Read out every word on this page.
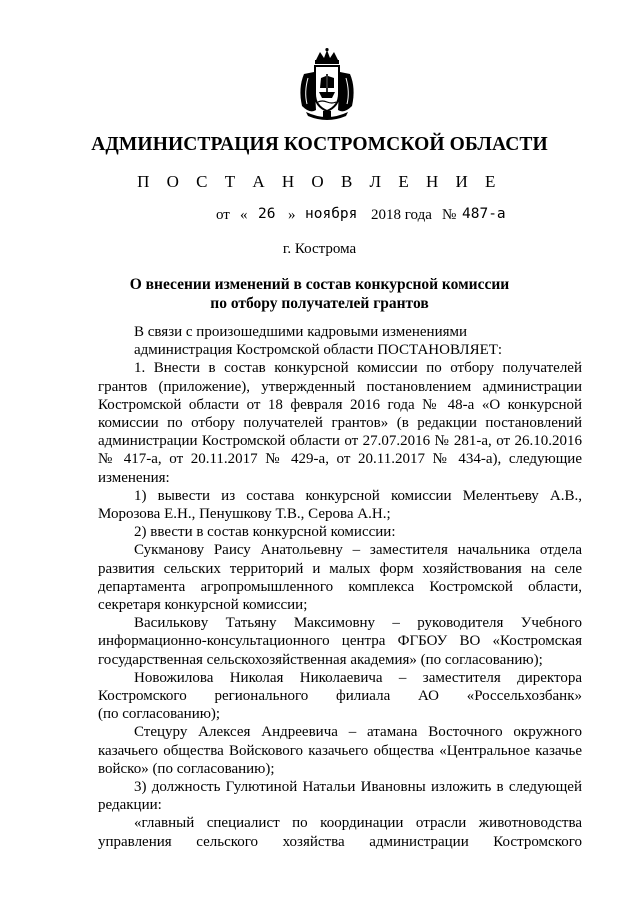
АДМИНИСТРАЦИЯ КОСТРОМСКОЙ ОБЛАСТИ
П О С Т А Н О В Л Е Н И Е
от « 26 » ноября 2018 года № 487-а
г. Кострома
О внесении изменений в состав конкурсной комиссии
по отбору получателей грантов

В связи с произошедшими кадровыми изменениями

администрация Костромской области ПОСТАНОВЛЯЕТ:

1. Внести в состав конкурсной комиссии по отбору получателей

грантов (приложение), утвержденный постановлением администрации

Костромской области от 18 февраля 2016 года № 48-а «О конкурсной

комиссии по отбору получателей грантов» (в редакции постановлений

администрации Костромской области от 27.07.2016 № 281-а, от 26.10.2016

№ 417-а, от 20.11.2017 № 429-а, от 20.11.2017 № 434-а), следующие

изменения:

1) вывести из состава конкурсной комиссии Мелентьеву А.В.,

Морозова Е.Н., Пенушкову Т.В., Серова А.Н.;

2) ввести в состав конкурсной комиссии:

Сукманову Раису Анатольевну – заместителя начальника отдела

развития сельских территорий и малых форм хозяйствования на селе

департамента агропромышленного комплекса Костромской области,

секретаря конкурсной комиссии;

Васильковy Татьяну Максимовну – руководителя Учебного

информационно-консультационного центра ФГБОУ ВО «Костромская

государственная сельскохозяйственная академия» (по согласованию);

Новожилова Николая Николаевича – заместителя директора

Костромского регионального филиала АО «Россельхозбанк»

(по согласованию);

Стецуру Алексея Андреевича – атамана Восточного окружного

казачьего общества Войскового казачьего общества «Центральное казачье

войско» (по согласованию);

3) должность Гулютиной Натальи Ивановны изложить в следующей

редакции:

«главный специалист по координации отрасли животноводства

управления сельского хозяйства администрации Костромского
